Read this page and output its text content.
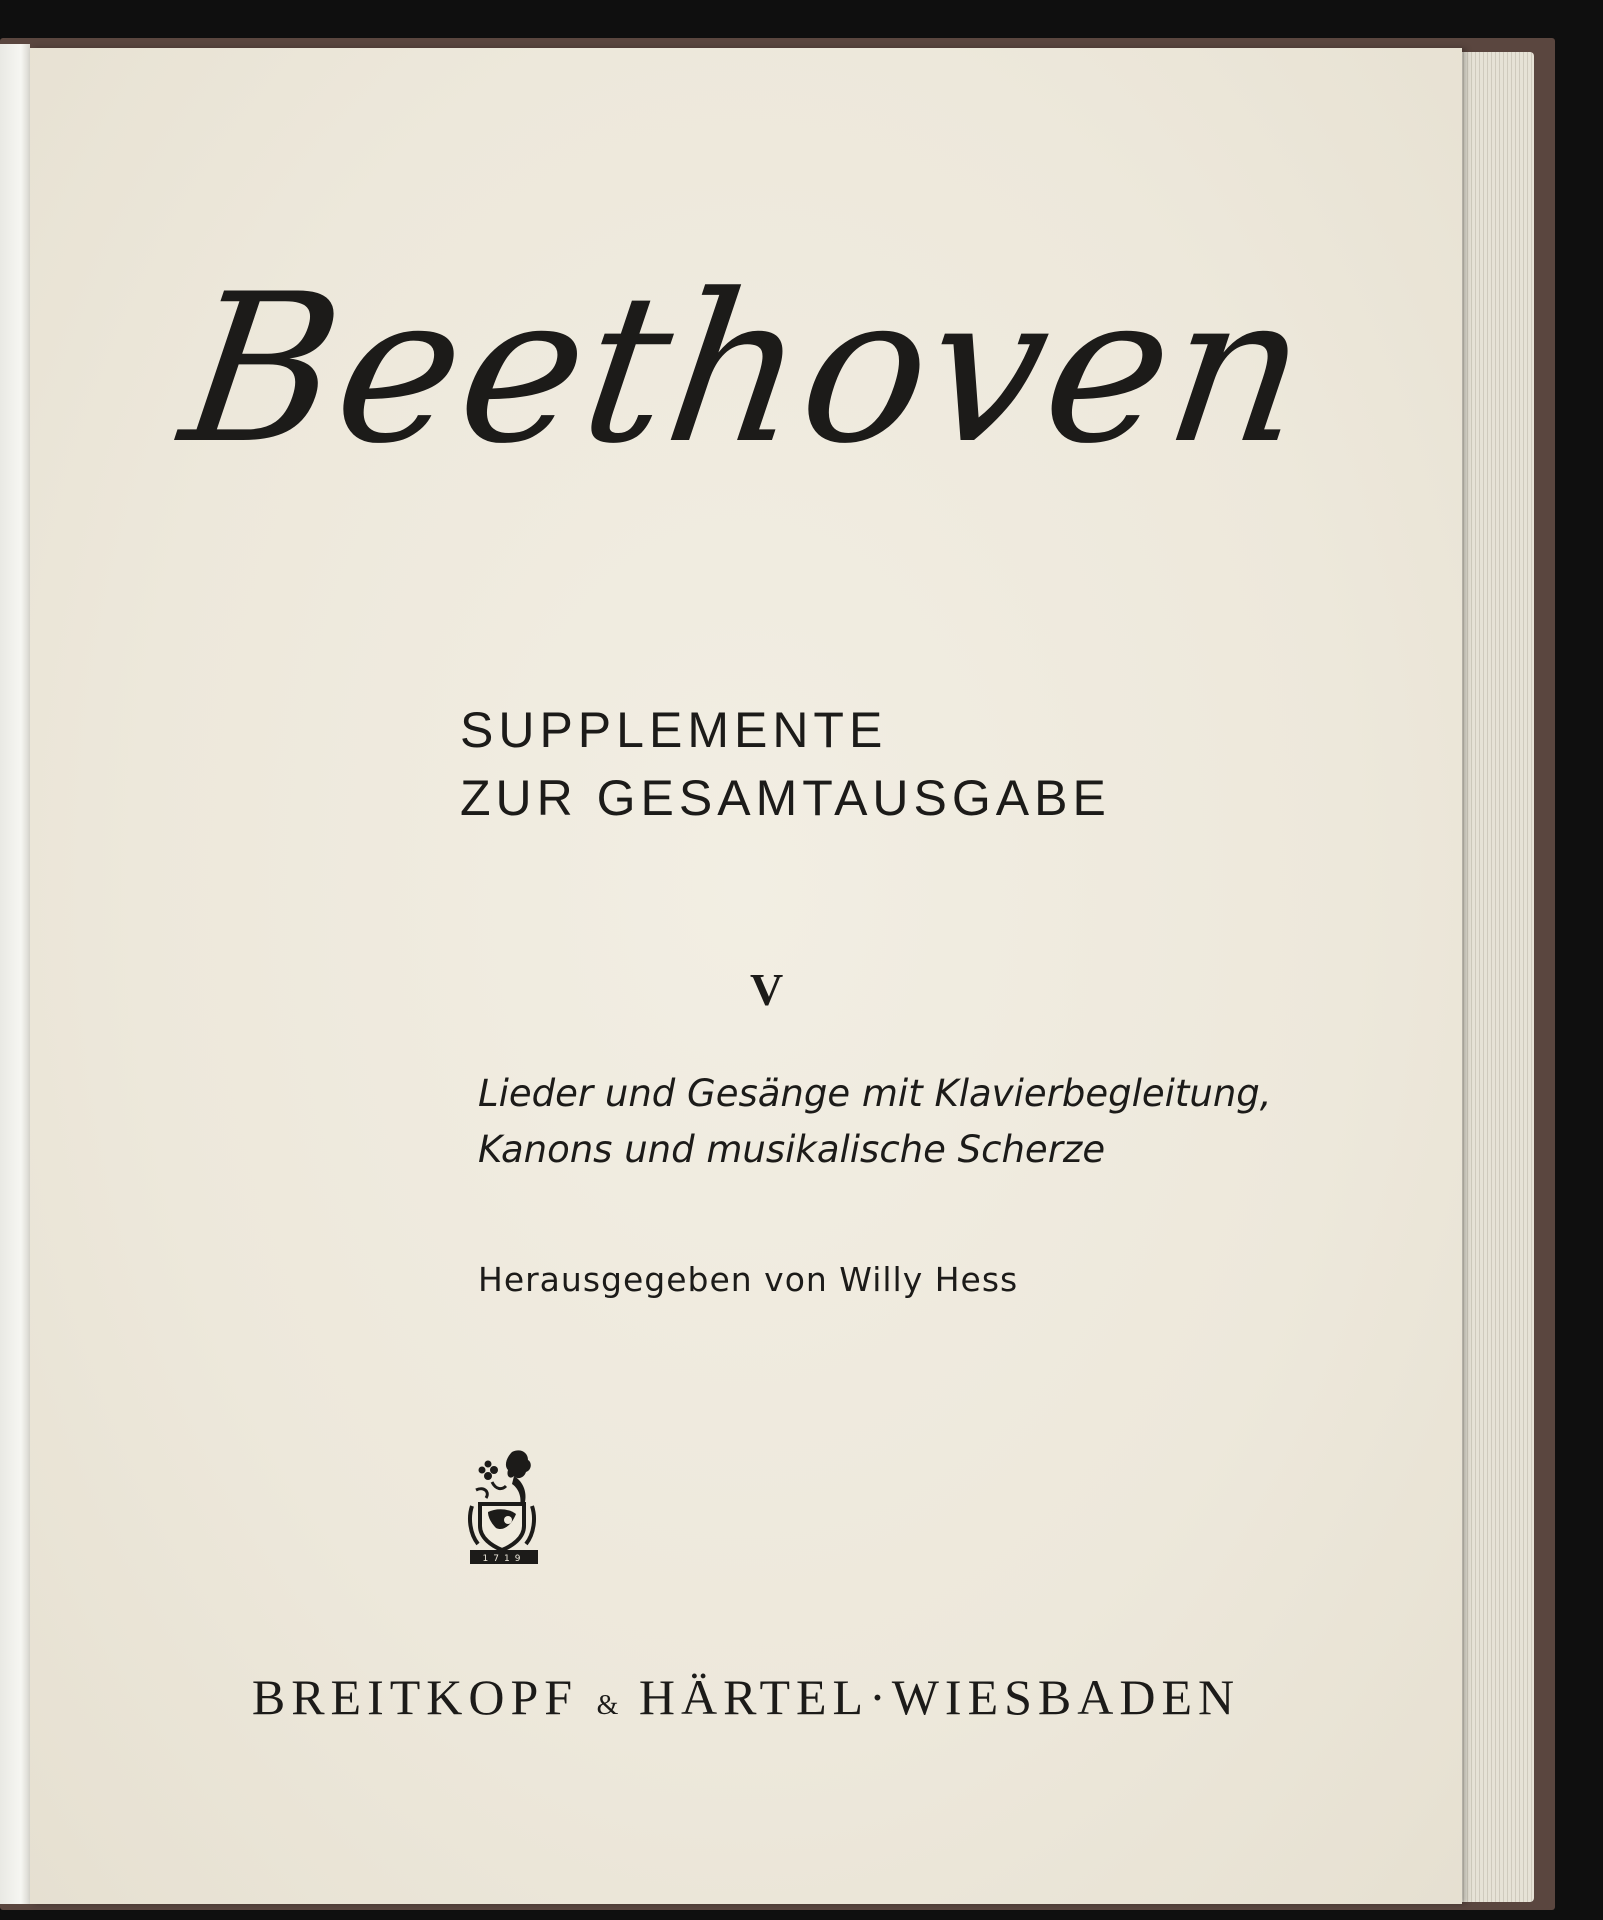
Beethoven
SUPPLEMENTE
ZUR GESAMTAUSGABE
V
Lieder und Gesänge mit Klavierbegleitung,
Kanons und musikalische Scherze
Herausgegeben von Willy Hess
1719
BREITKOPF & HÄRTEL·WIESBADEN
